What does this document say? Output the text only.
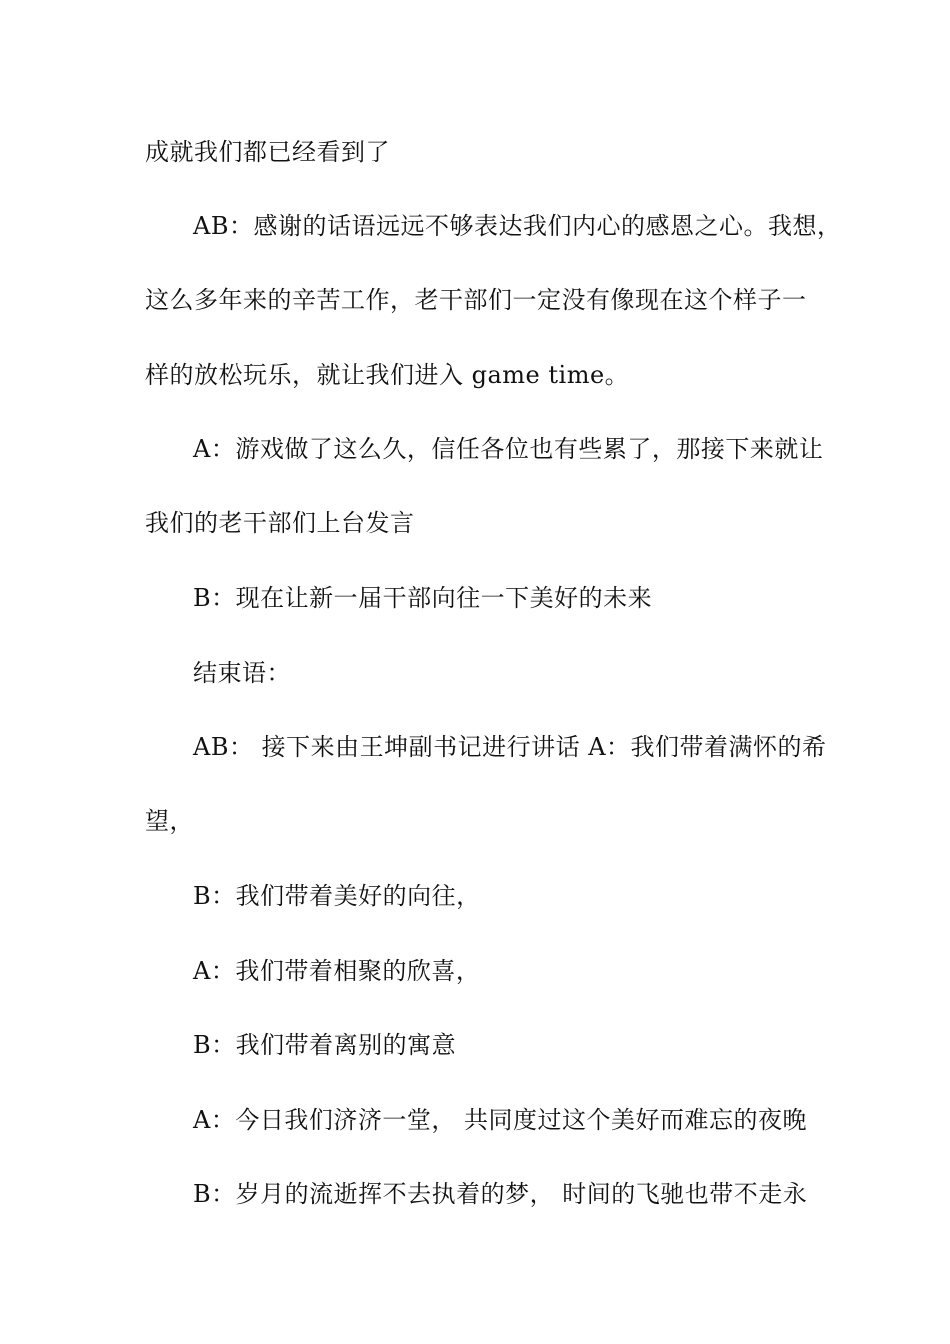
成就我们都已经看到了
AB：感谢的话语远远不够表达我们内心的感恩之心。我想，
这么多年来的辛苦工作，老干部们一定没有像现在这个样子一
样的放松玩乐，就让我们进入 game time。
A：游戏做了这么久，信任各位也有些累了，那接下来就让
我们的老干部们上台发言
B：现在让新一届干部向往一下美好的未来
结束语：
AB： 接下来由王坤副书记进行讲话 A：我们带着满怀的希
望，
B：我们带着美好的向往，
A：我们带着相聚的欣喜，
B：我们带着离别的寓意
A：今日我们济济一堂， 共同度过这个美好而难忘的夜晚
B：岁月的流逝挥不去执着的梦， 时间的飞驰也带不走永
